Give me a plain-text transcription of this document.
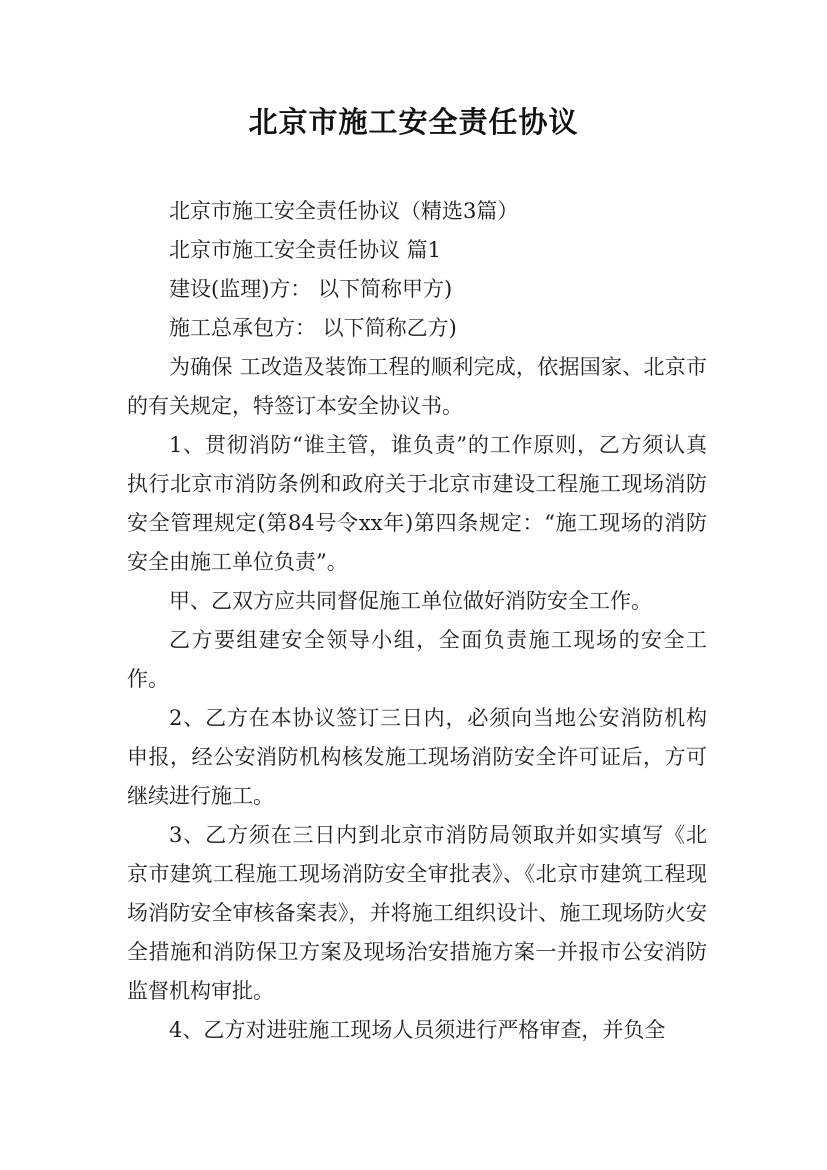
北京市施工安全责任协议

北京市施工安全责任协议（精选3篇）

北京市施工安全责任协议 篇1

建设(监理)方： 以下简称甲方)

施工总承包方： 以下简称乙方)

为确保 工改造及装饰工程的顺利完成，依据国家、北京市的有关规定，特签订本安全协议书。

1、贯彻消防“谁主管，谁负责”的工作原则，乙方须认真执行北京市消防条例和政府关于北京市建设工程施工现场消防安全管理规定(第84号令xx年)第四条规定：“施工现场的消防安全由施工单位负责”。

甲、乙双方应共同督促施工单位做好消防安全工作。

乙方要组建安全领导小组，全面负责施工现场的安全工作。

2、乙方在本协议签订三日内，必须向当地公安消防机构申报，经公安消防机构核发施工现场消防安全许可证后，方可继续进行施工。

3、乙方须在三日内到北京市消防局领取并如实填写《北京市建筑工程施工现场消防安全审批表》、《北京市建筑工程现场消防安全审核备案表》，并将施工组织设计、施工现场防火安全措施和消防保卫方案及现场治安措施方案一并报市公安消防监督机构审批。

4、乙方对进驻施工现场人员须进行严格审查，并负全
